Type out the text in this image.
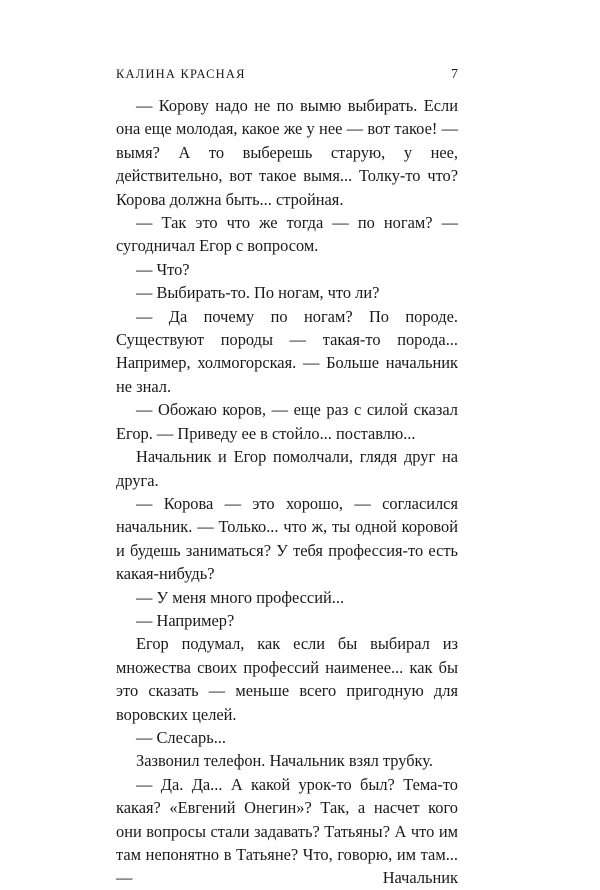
КАЛИНА КРАСНАЯ	7

— Корову надо не по вымю выбирать. Если она еще молодая, какое же у нее — вот такое! — вымя? А то выберешь старую, у нее, действительно, вот такое вымя... Толку-то что? Корова должна быть... стройная.

— Так это что же тогда — по ногам? — сугодничал Егор с вопросом.

— Что?

— Выбирать-то. По ногам, что ли?

— Да почему по ногам? По породе. Существуют породы — такая-то порода... Например, холмогорская. — Больше начальник не знал.

— Обожаю коров, — еще раз с силой сказал Егор. — Приведу ее в стойло... поставлю...

Начальник и Егор помолчали, глядя друг на друга.

— Корова — это хорошо, — согласился начальник. — Только... что ж, ты одной коровой и будешь заниматься? У тебя профессия-то есть какая-нибудь?

— У меня много профессий...

— Например?

Егор подумал, как если бы выбирал из множества своих профессий наименее... как бы это сказать — меньше всего пригодную для воровских целей.

— Слесарь...

Зазвонил телефон. Начальник взял трубку.

— Да. Да... А какой урок-то был? Тема-то какая? «Евгений Онегин»? Так, а насчет кого они вопросы стали задавать? Татьяны? А что им там непонятно в Татьяне? Что, говорю, им там... — Начальник
